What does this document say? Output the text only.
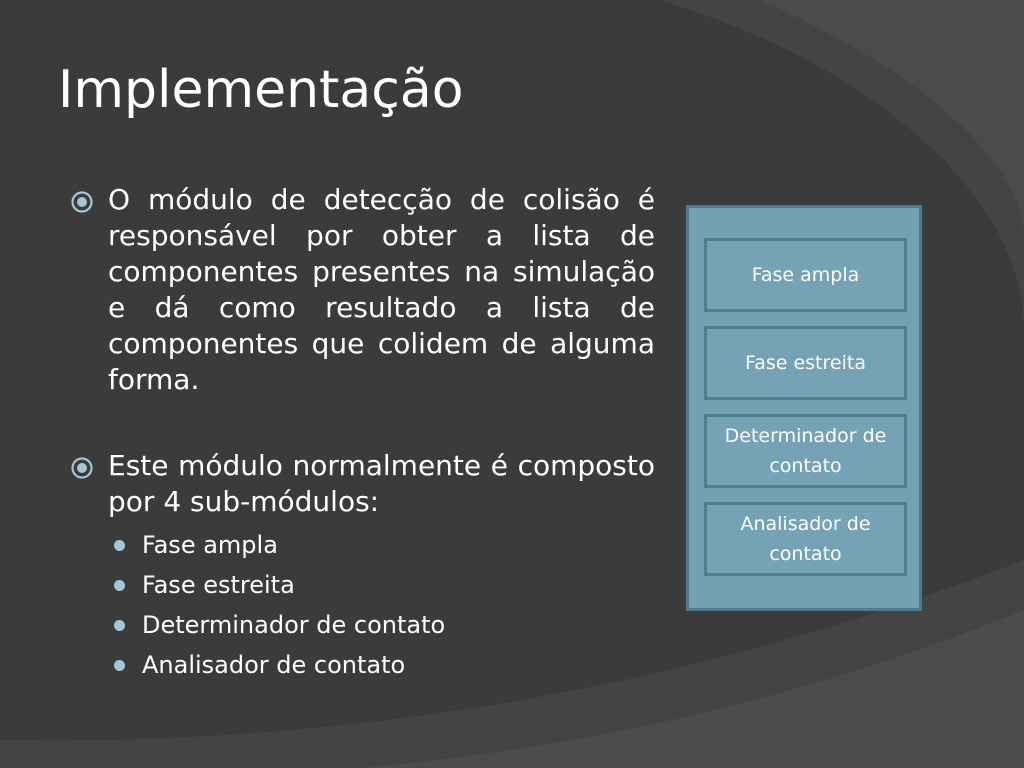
Implementação

O módulo de detecção de colisão é responsável por obter a lista de componentes presentes na simulação e dá como resultado a lista de componentes que colidem de alguma forma.

Este módulo normalmente é composto por 4 sub-módulos:

Fase ampla
Fase estreita
Determinador de contato
Analisador de contato
Fase ampla
Fase estreita
Determinador de contato
Analisador de contato
